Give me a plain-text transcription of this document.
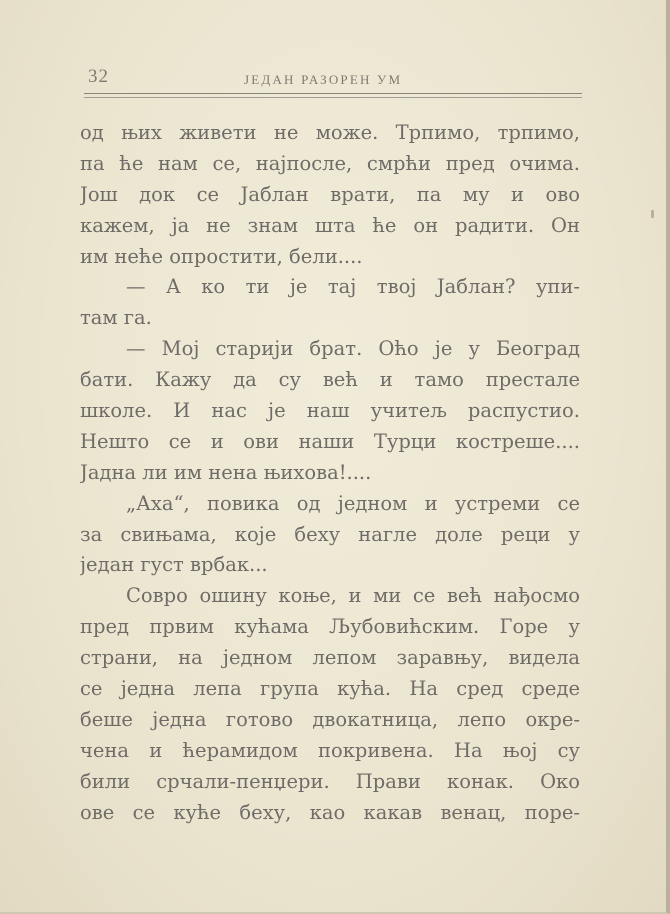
32	ЈЕДАН РАЗОРЕН УМ
од њих живети не може. Трпимо, трпимо,
па ће нам се, најпосле, смрћи пред очима.
Још док се Јаблан врати, па му и ово
кажем, ја не знам шта ће он радити. Он
им неће опростити, бели....
— А ко ти је тај твој Јаблан? упи-
там га.
— Мој старији брат. Оћо је у Београд
бати. Кажу да су већ и тамо престале
школе. И нас је наш учитељ распустио.
Нешто се и ови наши Турци костреше....
Јадна ли им нена њихова!....
„Аха“, повика од једном и устреми се
за свињама, које беху нагле доле реци у
један густ врбак...
Совро ошину коње, и ми се већ нађосмо
пред првим кућама Љубовићским. Горе у
страни, на једном лепом заравњу, видела
се једна лепа група кућа. На сред среде
беше једна готово двокатница, лепо окре-
чена и ћерамидом покривена. На њој су
били срчали-пенџери. Прави конак. Око
ове се куће беху, као какав венац, поре-
